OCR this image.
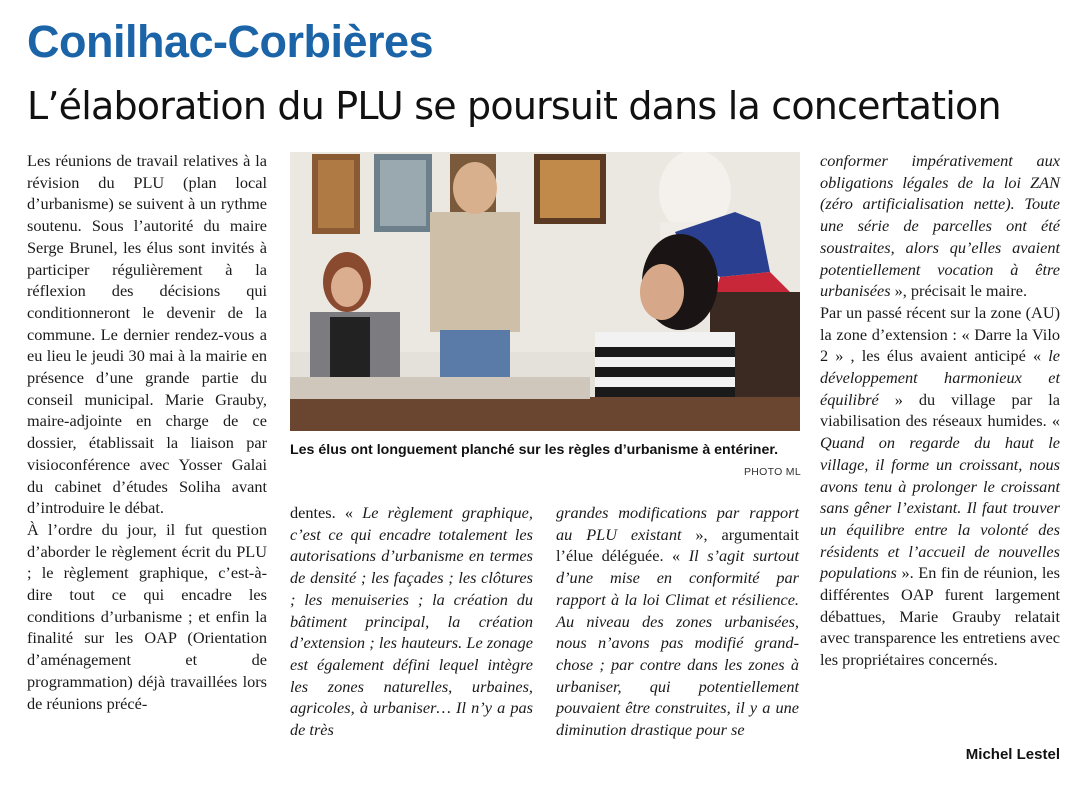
Conilhac-Corbières
L’élaboration du PLU se poursuit dans la concertation

Les réunions de travail relatives à la révision du PLU (plan local d’urbanisme) se suivent à un rythme soutenu. Sous l’autorité du maire Serge Brunel, les élus sont invités à participer régulièrement à la réflexion des décisions qui conditionneront le devenir de la commune. Le dernier rendez-vous a eu lieu le jeudi 30 mai à la mairie en présence d’une grande partie du conseil municipal. Marie Grauby, maire-adjointe en charge de ce dossier, établissait la liaison par visioconférence avec Yosser Galai du cabinet d’études Soliha avant d’introduire le débat.

À l’ordre du jour, il fut question d’aborder le règlement écrit du PLU ; le règlement graphique, c’est-à-dire tout ce qui encadre les conditions d’urbanisme ; et enfin la finalité sur les OAP (Orientation d’aménagement et de programmation) déjà travaillées lors de réunions précé-

Les élus ont longuement planché sur les règles d’urbanisme à entériner.
PHOTO ML

dentes. « Le règlement graphique, c’est ce qui encadre totalement les autorisations d’urbanisme en termes de densité ; les façades ; les clôtures ; les menuiseries ; la création du bâtiment principal, la création d’extension ; les hauteurs. Le zonage est également défini lequel intègre les zones naturelles, urbaines, agricoles, à urbaniser… Il n’y a pas de très

grandes modifications par rapport au PLU existant », argumentait l’élue déléguée. « Il s’agit surtout d’une mise en conformité par rapport à la loi Climat et résilience. Au niveau des zones urbanisées, nous n’avons pas modifié grand-chose ; par contre dans les zones à urbaniser, qui potentiellement pouvaient être construites, il y a une diminution drastique pour se

conformer impérativement aux obligations légales de la loi ZAN (zéro artificialisation nette). Toute une série de parcelles ont été soustraites, alors qu’elles avaient potentiellement vocation à être urbanisées », précisait le maire.

Par un passé récent sur la zone (AU) la zone d’extension : « Darre la Vilo 2 » , les élus avaient anticipé « le développement harmonieux et équilibré » du village par la viabilisation des réseaux humides. « Quand on regarde du haut le village, il forme un croissant, nous avons tenu à prolonger le croissant sans gêner l’existant. Il faut trouver un équilibre entre la volonté des résidents et l’accueil de nouvelles populations ». En fin de réunion, les différentes OAP furent largement débattues, Marie Grauby relatait avec transparence les entretiens avec les propriétaires concernés.

Michel Lestel
